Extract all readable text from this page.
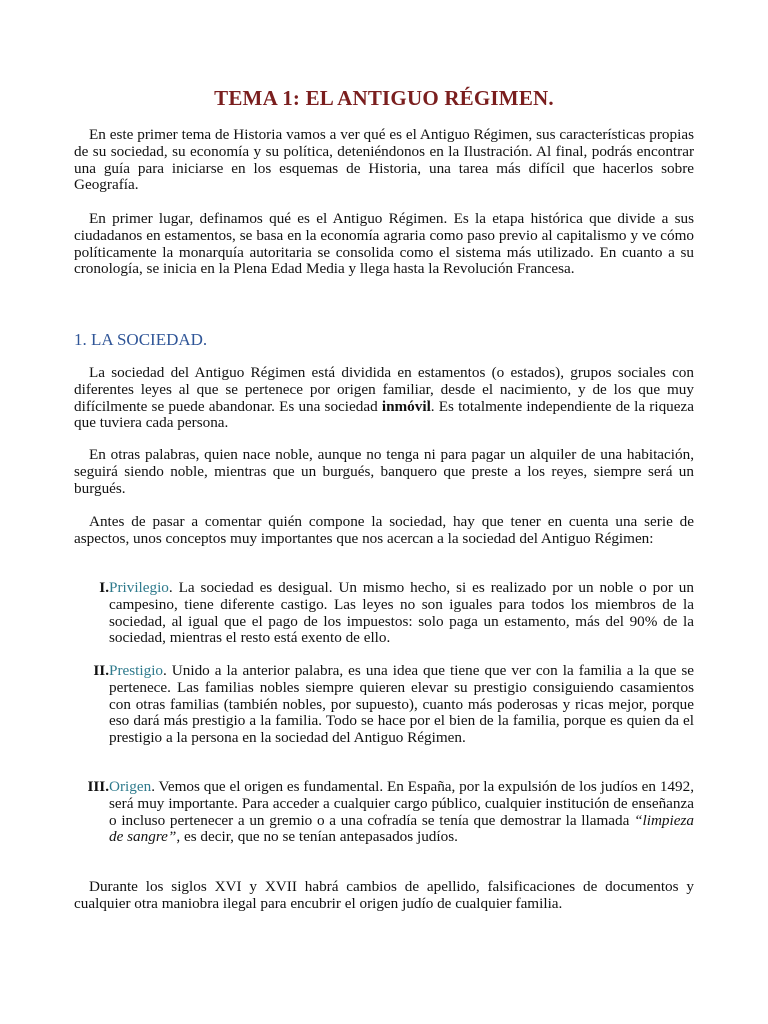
TEMA 1: EL ANTIGUO RÉGIMEN.

En este primer tema de Historia vamos a ver qué es el Antiguo Régimen, sus características propias de su sociedad, su economía y su política, deteniéndonos en la Ilustración. Al final, podrás encontrar una guía para iniciarse en los esquemas de Historia, una tarea más difícil que hacerlos sobre Geografía.

En primer lugar, definamos qué es el Antiguo Régimen. Es la etapa histórica que divide a sus ciudadanos en estamentos, se basa en la economía agraria como paso previo al capitalismo y ve cómo políticamente la monarquía autoritaria se consolida como el sistema más utilizado. En cuanto a su cronología, se inicia en la Plena Edad Media y llega hasta la Revolución Francesa.

1. LA SOCIEDAD.

La sociedad del Antiguo Régimen está dividida en estamentos (o estados), grupos sociales con diferentes leyes al que se pertenece por origen familiar, desde el nacimiento, y de los que muy difícilmente se puede abandonar. Es una sociedad inmóvil. Es totalmente independiente de la riqueza que tuviera cada persona.

En otras palabras, quien nace noble, aunque no tenga ni para pagar un alquiler de una habitación, seguirá siendo noble, mientras que un burgués, banquero que preste a los reyes, siempre será un burgués.

Antes de pasar a comentar quién compone la sociedad, hay que tener en cuenta una serie de aspectos, unos conceptos muy importantes que nos acercan a la sociedad del Antiguo Régimen:

I. Privilegio. La sociedad es desigual. Un mismo hecho, si es realizado por un noble o por un campesino, tiene diferente castigo. Las leyes no son iguales para todos los miembros de la sociedad, al igual que el pago de los impuestos: solo paga un estamento, más del 90% de la sociedad, mientras el resto está exento de ello.
II. Prestigio. Unido a la anterior palabra, es una idea que tiene que ver con la familia a la que se pertenece. Las familias nobles siempre quieren elevar su prestigio consiguiendo casamientos con otras familias (también nobles, por supuesto), cuanto más poderosas y ricas mejor, porque eso dará más prestigio a la familia. Todo se hace por el bien de la familia, porque es quien da el prestigio a la persona en la sociedad del Antiguo Régimen.
III. Origen. Vemos que el origen es fundamental. En España, por la expulsión de los judíos en 1492, será muy importante. Para acceder a cualquier cargo público, cualquier institución de enseñanza o incluso pertenecer a un gremio o a una cofradía se tenía que demostrar la llamada “limpieza de sangre”, es decir, que no se tenían antepasados judíos.

Durante los siglos XVI y XVII habrá cambios de apellido, falsificaciones de documentos y cualquier otra maniobra ilegal para encubrir el origen judío de cualquier familia.
